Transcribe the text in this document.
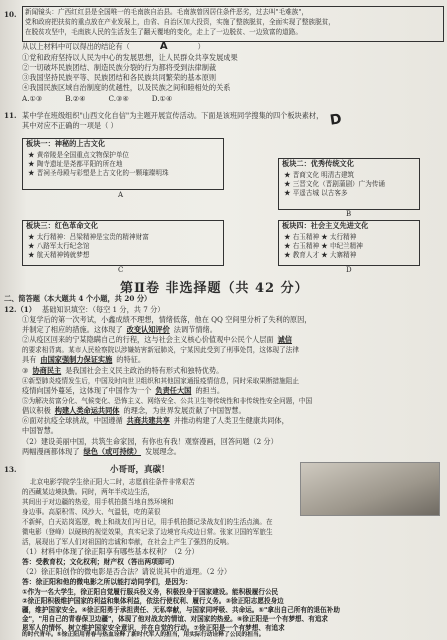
10. 新闻镜头：广西红红县是全国唯一的毛南族自治县。毛南族曾因居住条件恶劣，过去叫"毛难族"，
党和政府把扶贫的重点放在产业发展上，由省、自治区加大投资，实施了整族脱贫，全面实现了整族脱贫，
在脱贫攻坚中，毛南族人民的生活发生了翻天覆地的变化，走上了一边脱贫、一边致富的道路。
从以上材料中可以得出的结论有（	A	）
①党和政府坚持以人民为中心的发展思想，让人民群众共享发展成果
②一切破坏民族团结、制造民族分裂的行为都将受到法律制裁
③我国坚持民族平等、民族团结和各民族共同繁荣的基本原则
④我国民族区域自治制度的优越性，以及民族之间和睦相处的关系
A.①③          B.②④          C.③④          D.①④
11. 某中学在班级组织"山西文化自信"为主题开展宣传活动。下面是该班同学搜集的四个板块素材，
其中对应不正确的一项是（ ）	D
板块一：神秘的上古文化
★ 黄帝陵是全国重点文物保护单位
★ 陶寺遗址是尧都平阳的所在地
★ 晋祠圣母殿与彩塑是上古文化的一颗璀璨明珠
A
板块二：优秀传统文化
★ 晋商文化 明清古建筑
★ 三晋文化（晋剧蒲剧）广为传诵
★ 平遥古城 以古客多
B
板块三：红色革命文化
★ 太行精神：吕梁精神是宝贵的精神财富
★ 八路军太行纪念馆
★ 航天精神铸就梦想
C
板块四：社会主义先进文化
★ 右玉精神 ★ 太行精神
★ 右玉精神 ★ 申纪兰精神
★ 教育人才 ★ 大寨精神
D
第Ⅱ卷 非选择题（共 42 分）
二、简答题（本大题共 4 个小题，共 20 分）
12.（1） 基础知识填空：（每空 1 分，共 7 分）
①复学后的第一次考试，小鑫成绩不理想，情绪低落，他在 QQ 空间里分析了失利的原因，
并制定了相应的措施。这体现了 改变认知评价 法调节情绪。
②从疫区回来的宁某隐瞒自己的行程，这与社会主义核心价值观中公民个人层面 诚信
的要求相背离。某市人民检察院以涉嫌妨害新冠肺炎，宁某因此受到了刑事处罚，这体现了法律
具有 由国家强制力保证实施 的特征。
③ 协商民主 是我国社会主义民主政治的特有形式和独特优势。
④新型肺炎疫情发生后，中国及时向世卫组织和其他国家通报疫情信息，同时采取果断措施阻止
疫情向国外蔓延，这体现了中国作为一个 负责任大国 的担当。
⑤为解决贫富分化、气候变化、恐怖主义、网络安全、公共卫生等传统性和非传统性安全问题，中国
倡议积极 构建人类命运共同体 的理念，为世界发展贡献了中国智慧。
⑥面对抗疫全球挑战，中国遵循 共商共建共享 并推动构建了人类卫生健康共同体，
中国智慧。
（2）建设美丽中国，共筑生命家园，有你也有我！观察漫画，回答问题（2 分）
两幅漫画都体现了 绿色（或可持续） 发展理念。
13.	小哥哥，真碳！
北京电影学院学生徐正阳大二时，志愿前往条件非常艰苦
的西藏某边境执勤。同时，两年半戍边生活，
其间出于对边疆的热爱，用手机拍摄当地自然环境和
身边事。高原积雪、风沙大、气温低，吃的菜很
不新鲜，白天站岗巡逻，晚上和战友们写日记，用手机拍摄记录战友们的生活点滴。在
微电影（登峰）以硬核的视觉效果，真实记录了边境官兵戍边日常。张家卫国的军旅生
活，展现出了军人们对祖国的忠诚和奉献，在社会上产生了强烈的反响。
（1）材料中体现了徐正阳享有哪些基本权利？（2 分）
答：受教育权；文化权利；财产权（答出两项即可）
（2）徐正阳创作的微电影是否合法？请说说其中的道理。（2 分）
答：徐正阳和他的微电影之所以能打动同学们，是因为：
①作为一名大学生，徐正阳自觉履行服兵役义务，积极投身于国家建设。能积极履行公民
②徐正阳积极维护国家的利益和集体利益，依法行使权利、履行义务。③徐正阳志愿投身边
疆，维护国家安全。④徐正阳勇于承担责任、无私奉献，与国家同呼吸、共命运。⑤"拿出自己所有的退伍补助
金"，"用自己的青春保卫边疆"，体现了他对战友的情谊、对国家的热爱。⑥徐正阳是一个有梦想、有追求
恩军人的情怀，树立维护国家安全意识，并在自觉的行动。⑦徐正阳是一个有梦想、有追求
的时代青年。⑤徐正阳用青春与热血诠释了新时代军人的担当，用实际行动诠释了公民的担当。
